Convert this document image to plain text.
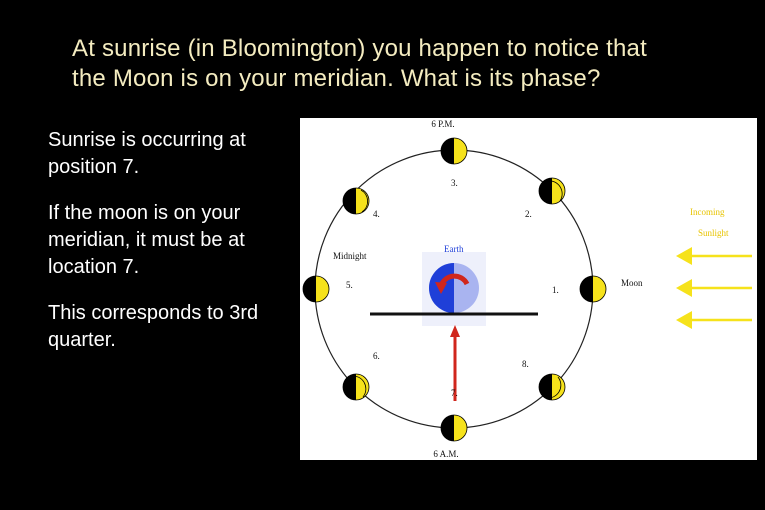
At sunrise (in Bloomington) you happen to notice that
the Moon is on your meridian. What is its phase?

Sunrise is occurring at position 7.

If the moon is on your meridian, it must be at location 7.

This corresponds to 3rd quarter.

6 P.M.
6 A.M.
Midnight
Earth
Moon
Incoming
Sunlight
1.
2.
3.
4.
5.
6.
7.
8.
